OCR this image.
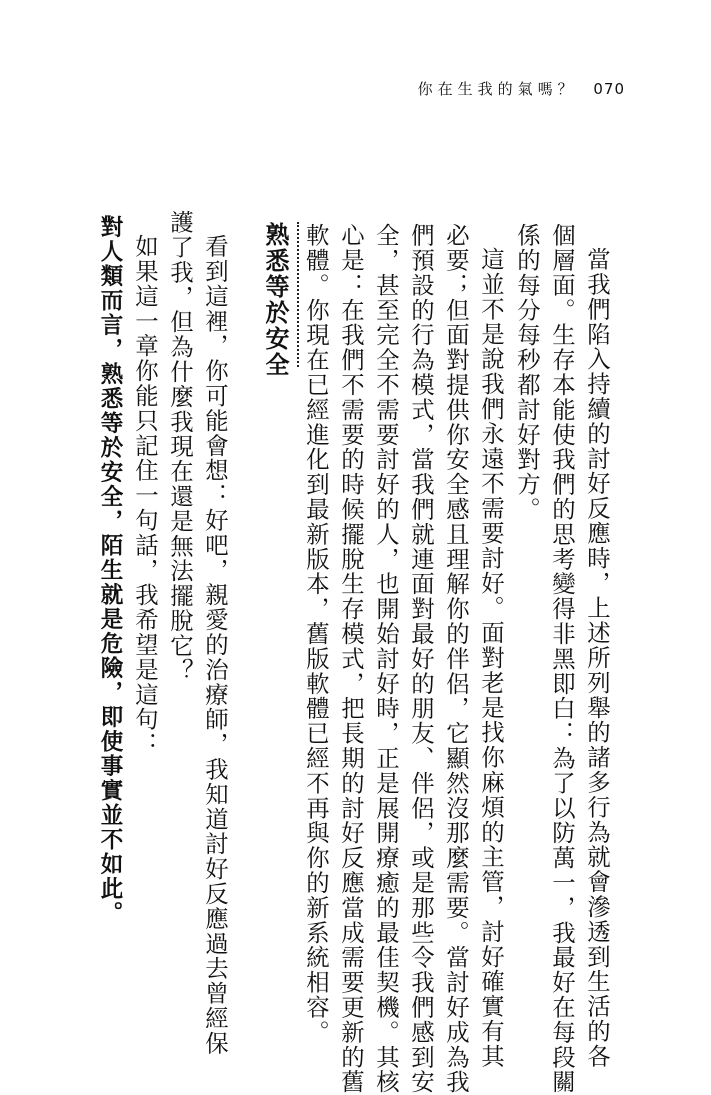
你在生我的氣嗎？ 070
當我們陷入持續的討好反應時，上述所列舉的諸多行為就會滲透到生活的各
個層面。生存本能使我們的思考變得非黑即白：為了以防萬一，我最好在每段關
係的每分每秒都討好對方。
這並不是說我們永遠不需要討好。面對老是找你麻煩的主管，討好確實有其
必要；但面對提供你安全感且理解你的伴侶，它顯然沒那麼需要。當討好成為我
們預設的行為模式，當我們就連面對最好的朋友、伴侶，或是那些令我們感到安
全，甚至完全不需要討好的人，也開始討好時，正是展開療癒的最佳契機。其核
心是：在我們不需要的時候擺脫生存模式，把長期的討好反應當成需要更新的舊
軟體。你現在已經進化到最新版本，舊版軟體已經不再與你的新系統相容。
熟悉等於安全
看到這裡，你可能會想：好吧，親愛的治療師，我知道討好反應過去曾經保
護了我，但為什麼我現在還是無法擺脫它？
如果這一章你能只記住一句話，我希望是這句：
對人類而言，熟悉等於安全，陌生就是危險，即使事實並不如此。
